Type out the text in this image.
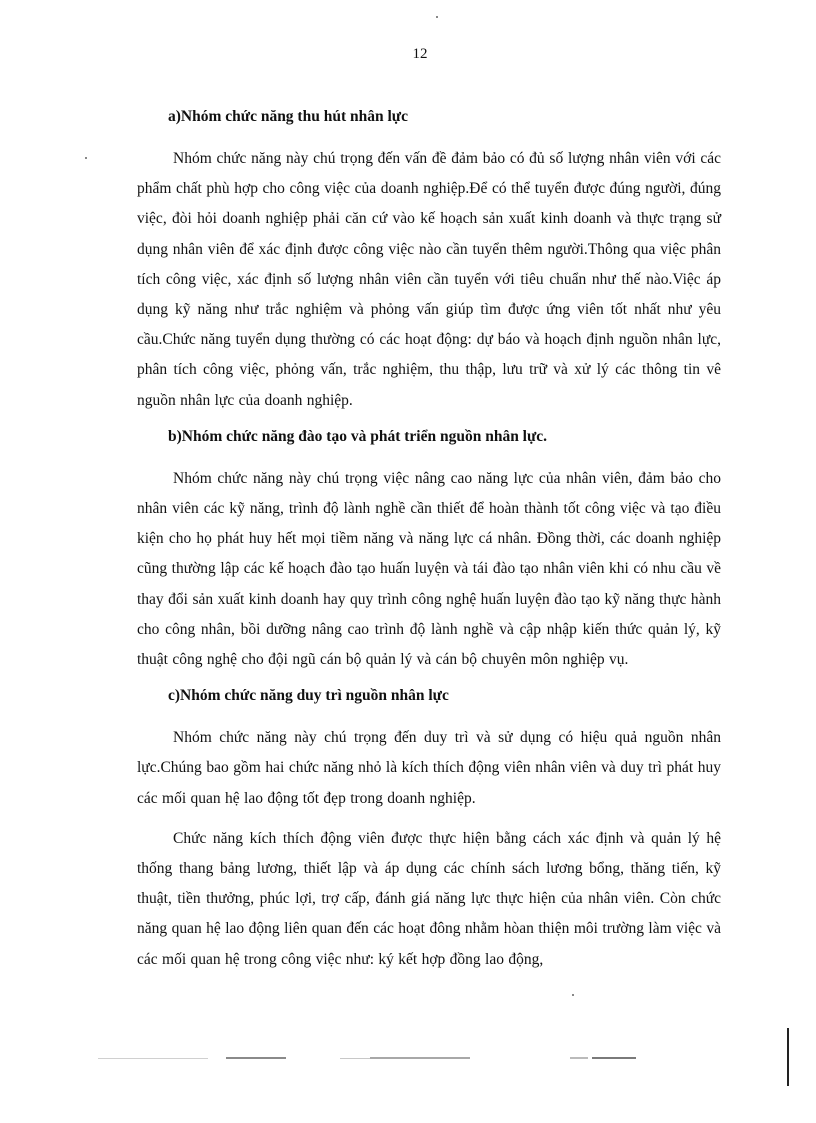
12

a)Nhóm chức năng thu hút nhân lực

Nhóm chức năng này chú trọng đến vấn đề đảm bảo có đủ số lượng nhân viên với các phẩm chất phù hợp cho công việc của doanh nghiệp.Để có thể tuyển được đúng người, đúng việc, đòi hỏi doanh nghiệp phải căn cứ vào kế hoạch sản xuất kinh doanh và thực trạng sử dụng nhân viên để xác định được công việc nào cần tuyển thêm người.Thông qua việc phân tích công việc, xác định số lượng nhân viên cần tuyển với tiêu chuẩn như thế nào.Việc áp dụng kỹ năng như trắc nghiệm và phỏng vấn giúp tìm được ứng viên tốt nhất như yêu cầu.Chức năng tuyển dụng thường có các hoạt động: dự báo và hoạch định nguồn nhân lực, phân tích công việc, phỏng vấn, trắc nghiệm, thu thập, lưu trữ và xử lý các thông tin vê nguồn nhân lực của doanh nghiệp.

b)Nhóm chức năng đào tạo và phát triển nguồn nhân lực.

Nhóm chức năng này chú trọng việc nâng cao năng lực của nhân viên, đảm bảo cho nhân viên các kỹ năng, trình độ lành nghề cần thiết để hoàn thành tốt công việc và tạo điều kiện cho họ phát huy hết mọi tiềm năng và năng lực cá nhân. Đồng thời, các doanh nghiệp cũng thường lập các kế hoạch đào tạo huấn luyện và tái đào tạo nhân viên khi có nhu cầu về thay đổi sản xuất kinh doanh hay quy trình công nghệ huấn luyện đào tạo kỹ năng thực hành cho công nhân, bồi dưỡng nâng cao trình độ lành nghề và cập nhập kiến thức quản lý, kỹ thuật công nghệ cho đội ngũ cán bộ quản lý và cán bộ chuyên môn nghiệp vụ.

c)Nhóm chức năng duy trì nguồn nhân lực

Nhóm chức năng này chú trọng đến duy trì và sử dụng có hiệu quả nguồn nhân lực.Chúng bao gồm hai chức năng nhỏ là kích thích động viên nhân viên và duy trì phát huy các mối quan hệ lao động tốt đẹp trong doanh nghiệp.

Chức năng kích thích động viên được thực hiện bằng cách xác định và quản lý hệ thống thang bảng lương, thiết lập và áp dụng các chính sách lương bổng, thăng tiến, kỹ thuật, tiền thưởng, phúc lợi, trợ cấp, đánh giá năng lực thực hiện của nhân viên. Còn chức năng quan hệ lao động liên quan đến các hoạt đông nhằm hòan thiện môi trường làm việc và các mối quan hệ trong công việc như: ký kết hợp đồng lao động,
